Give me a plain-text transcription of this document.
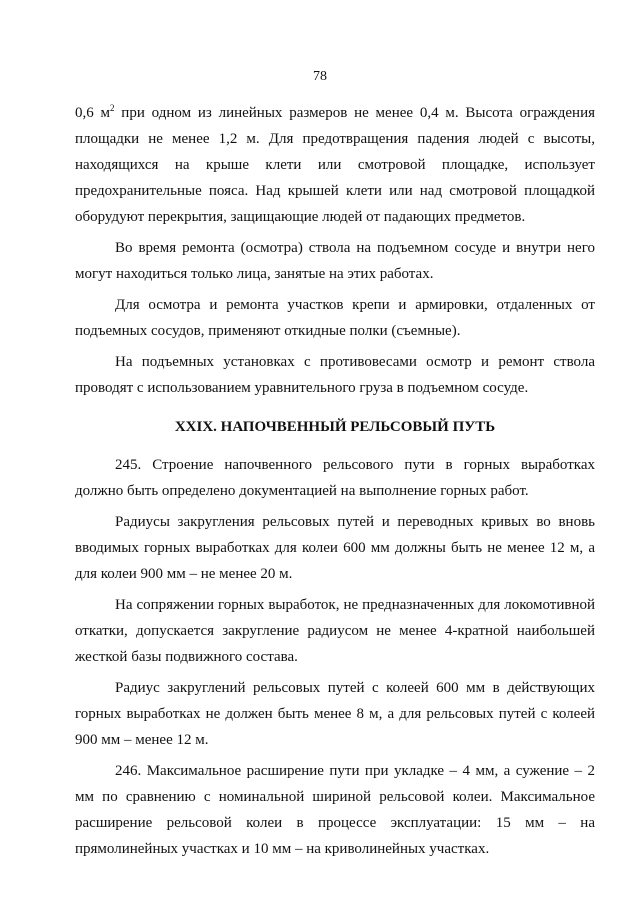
78

0,6 $м^2$ при одном из линейных размеров не менее 0,4 м. Высота ограждения площадки не менее 1,2 м. Для предотвращения падения людей с высоты, находящихся на крыше клети или смотровой площадке, использует предохранительные пояса. Над крышей клети или над смотровой площадкой оборудуют перекрытия, защищающие людей от падающих предметов.

Во время ремонта (осмотра) ствола на подъемном сосуде и внутри него могут находиться только лица, занятые на этих работах.

Для осмотра и ремонта участков крепи и армировки, отдаленных от подъемных сосудов, применяют откидные полки (съемные).

На подъемных установках с противовесами осмотр и ремонт ствола проводят с использованием уравнительного груза в подъемном сосуде.

XXIX. НАПОЧВЕННЫЙ РЕЛЬСОВЫЙ ПУТЬ

245. Строение напочвенного рельсового пути в горных выработках должно быть определено документацией на выполнение горных работ.

Радиусы закругления рельсовых путей и переводных кривых во вновь вводимых горных выработках для колеи 600 мм должны быть не менее 12 м, а для колеи 900 мм – не менее 20 м.

На сопряжении горных выработок, не предназначенных для локомотивной откатки, допускается закругление радиусом не менее 4-кратной наибольшей жесткой базы подвижного состава.

Радиус закруглений рельсовых путей с колеей 600 мм в действующих горных выработках не должен быть менее 8 м, а для рельсовых путей с колеей 900 мм – менее 12 м.

246. Максимальное расширение пути при укладке – 4 мм, а сужение – 2 мм по сравнению с номинальной шириной рельсовой колеи. Максимальное расширение рельсовой колеи в процессе эксплуатации: 15 мм – на прямолинейных участках и 10 мм – на криволинейных участках.
